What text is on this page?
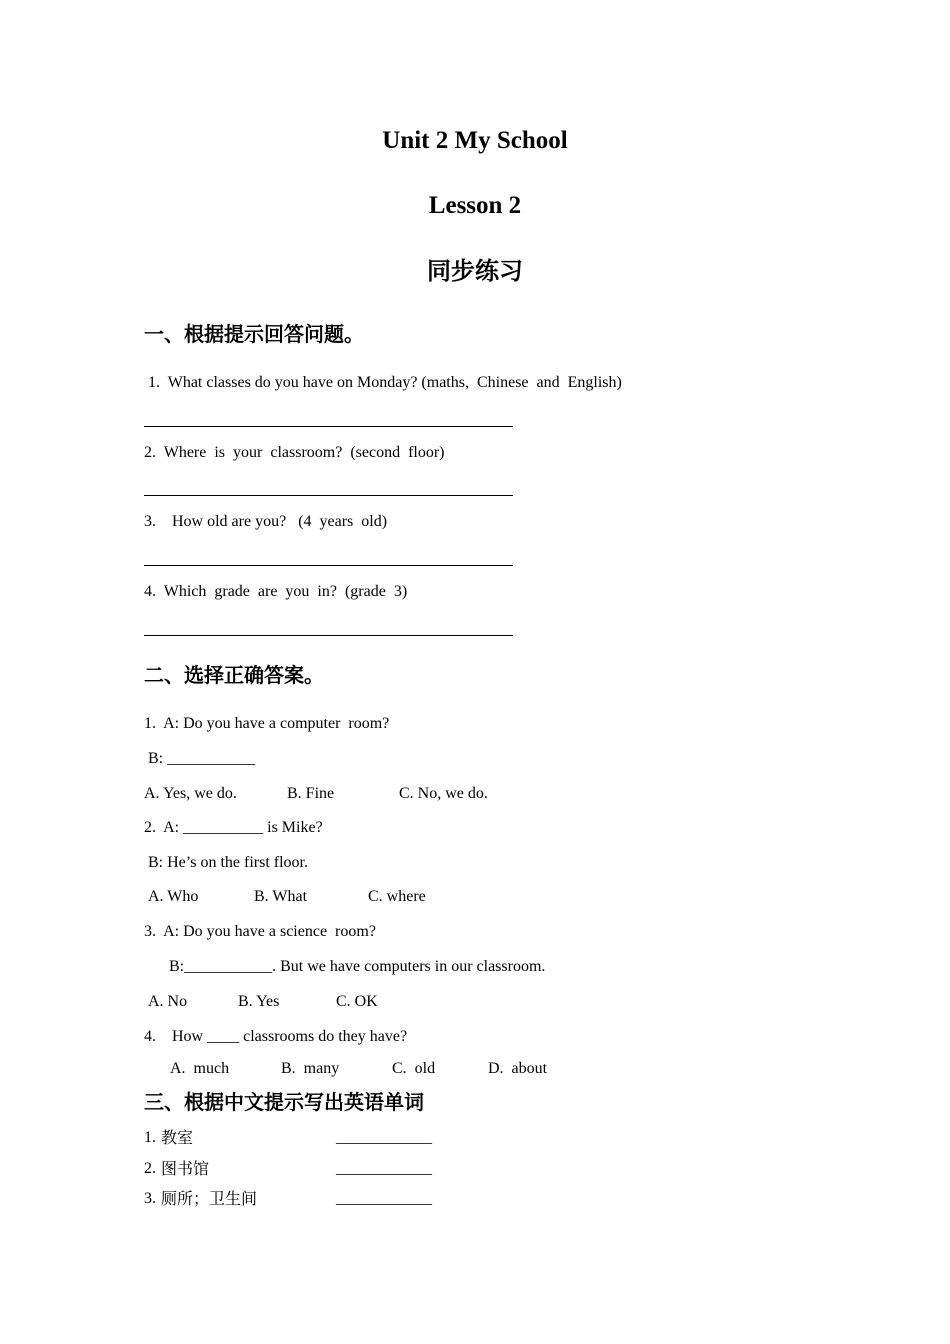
Unit 2 My School
Lesson 2
同步练习
一、根据提示回答问题。
1.  What classes do you have on Monday? (maths,  Chinese  and  English)
2.  Where  is  your  classroom?  (second  floor)
3.    How old are you?   (4  years  old)
4.  Which  grade  are  you  in?  (grade  3)
二、选择正确答案。
1.  A: Do you have a computer  room?
B: ___________
A. Yes, we do.	B. Fine	C. No, we do.
2.  A: __________ is Mike?
B: He’s on the first floor.
A. Who	B. What	C. where
3.  A: Do you have a science  room?
B:___________. But we have computers in our classroom.
A. No	B. Yes	C. OK
4.    How ____ classrooms do they have?
A.  much	B.  many	C.  old	D.  about
三、根据中文提示写出英语单词
1. 教室	____________
2. 图书馆	____________
3. 厕所；卫生间	____________
